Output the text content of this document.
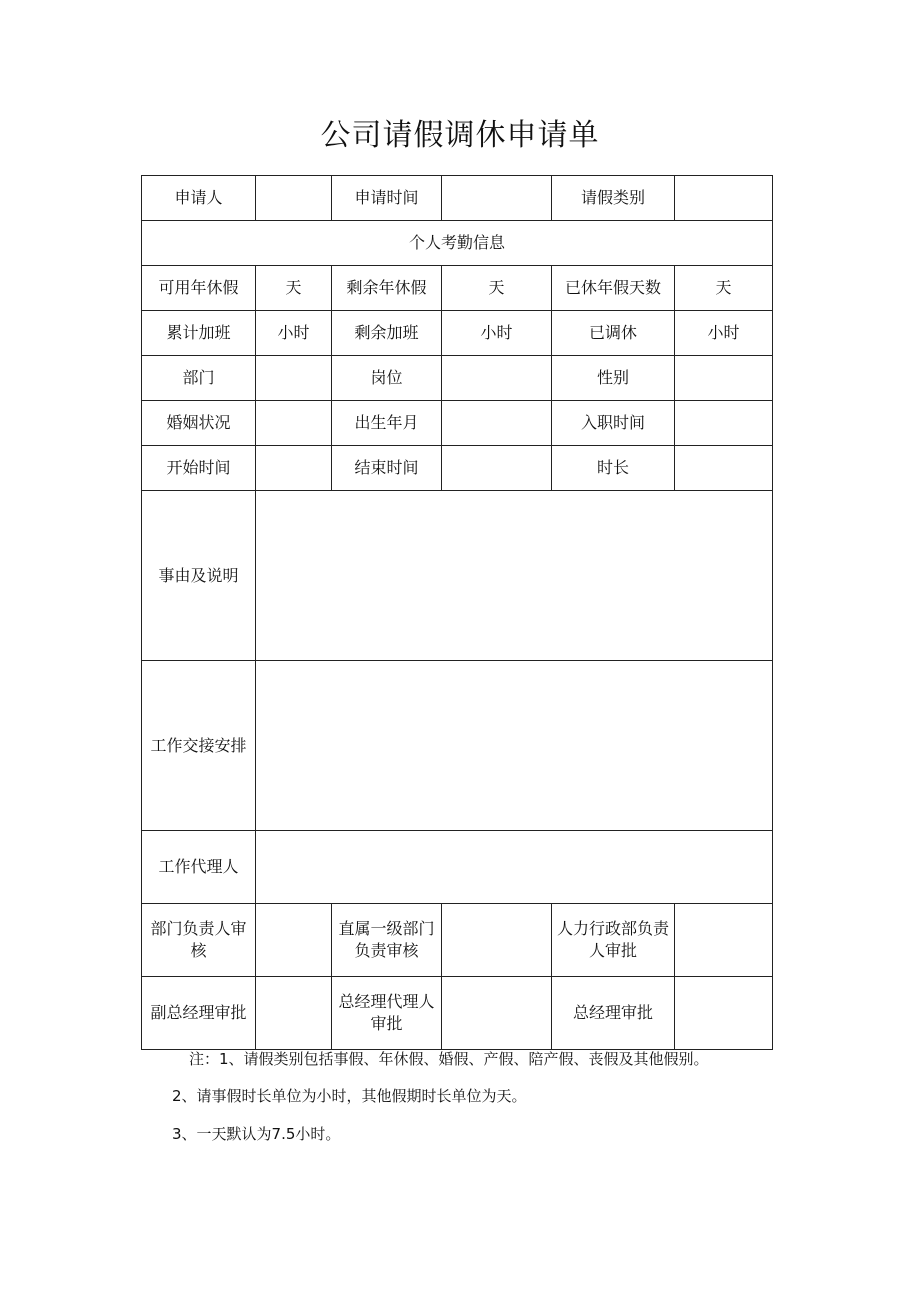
公司请假调休申请单
申请人		申请时间		请假类别	
个人考勤信息					
可用年休假	天	剩余年休假	天	已休年假天数	天
累计加班	小时	剩余加班	小时	已调休	小时
部门		岗位		性别	
婚姻状况		出生年月		入职时间	
开始时间		结束时间		时长	
事由及说明					
工作交接安排					
工作代理人					
部门负责人审核		直属一级部门负责审核		人力行政部负责人审批	
副总经理审批		总经理代理人审批		总经理审批	
注：1、请假类别包括事假、年休假、婚假、产假、陪产假、丧假及其他假别。
2、请事假时长单位为小时，其他假期时长单位为天。
3、一天默认为7.5小时。
